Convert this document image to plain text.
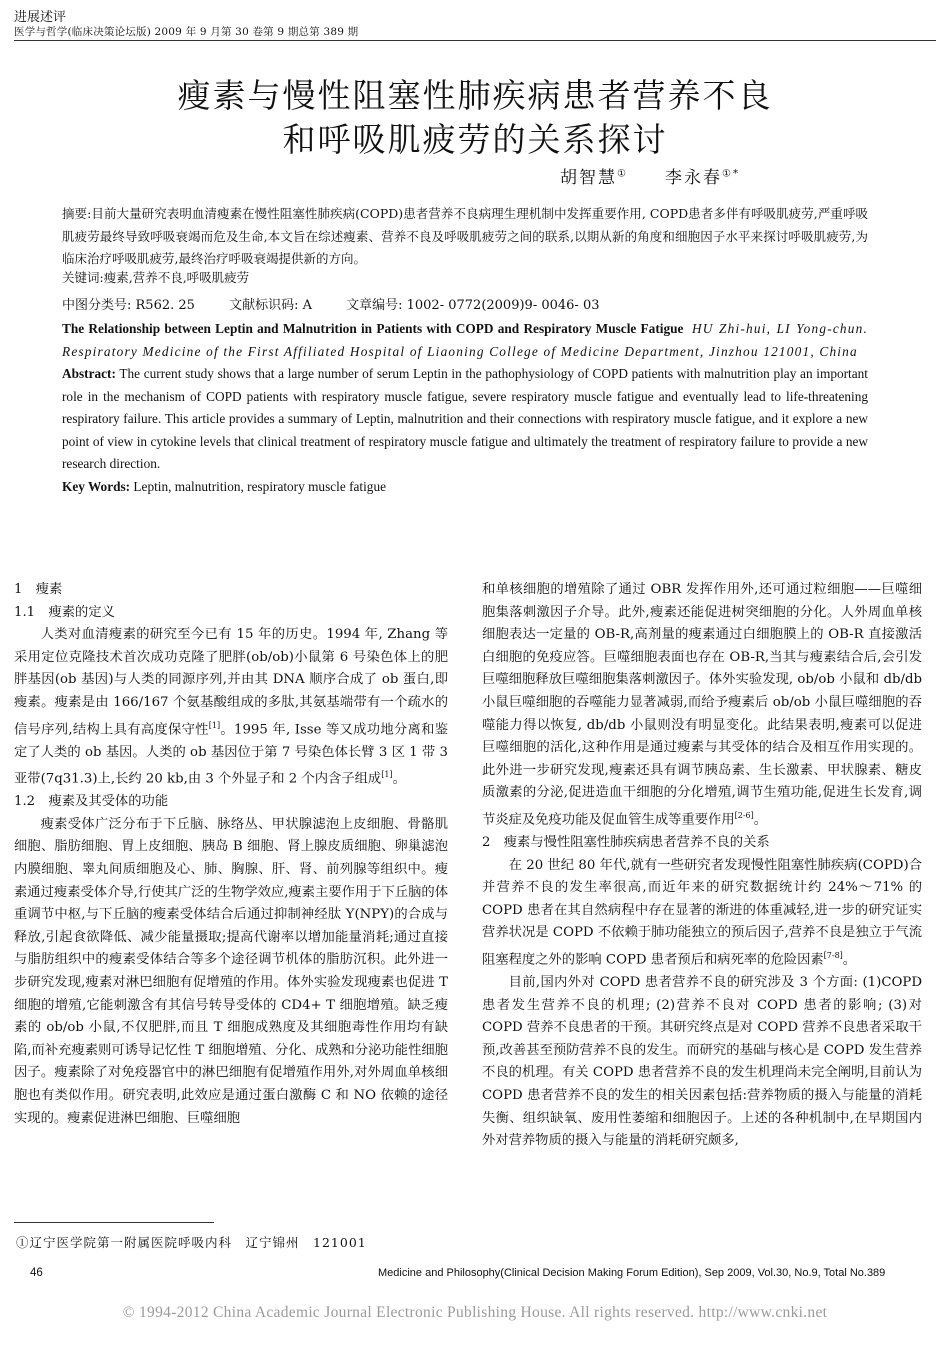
进展述评
医学与哲学(临床决策论坛版) 2009 年 9 月第 30 卷第 9 期总第 389 期
瘦素与慢性阻塞性肺疾病患者营养不良
和呼吸肌疲劳的关系探讨
胡智慧① 李永春①*
摘要:目前大量研究表明血清瘦素在慢性阻塞性肺疾病(COPD)患者营养不良病理生理机制中发挥重要作用, COPD患者多伴有呼吸肌疲劳,严重呼吸肌疲劳最终导致呼吸衰竭而危及生命,本文旨在综述瘦素、营养不良及呼吸肌疲劳之间的联系,以期从新的角度和细胞因子水平来探讨呼吸肌疲劳,为临床治疗呼吸肌疲劳,最终治疗呼吸衰竭提供新的方向。
关键词:瘦素,营养不良,呼吸肌疲劳
中图分类号: R562. 25	文献标识码: A	文章编号: 1002- 0772(2009)9- 0046- 03
The Relationship between Leptin and Malnutrition in Patients with COPD and Respiratory Muscle Fatigue HU Zhi-hui, LI Yong-chun. Respiratory Medicine of the First Affiliated Hospital of Liaoning College of Medicine Department, Jinzhou 121001, China
Abstract: The current study shows that a large number of serum Leptin in the pathophysiology of COPD patients with malnutrition play an important role in the mechanism of COPD patients with respiratory muscle fatigue, severe respiratory muscle fatigue and eventually lead to life-threatening respiratory failure. This article provides a summary of Leptin, malnutrition and their connections with respiratory muscle fatigue, and it explore a new point of view in cytokine levels that clinical treatment of respiratory muscle fatigue and ultimately the treatment of respiratory failure to provide a new research direction.
Key Words: Leptin, malnutrition, respiratory muscle fatigue

1　瘦素

1.1　瘦素的定义

人类对血清瘦素的研究至今已有 15 年的历史。1994 年, Zhang 等采用定位克隆技术首次成功克隆了肥胖(ob/ob)小鼠第 6 号染色体上的肥胖基因(ob 基因)与人类的同源序列,并由其 DNA 顺序合成了 ob 蛋白,即瘦素。瘦素是由 166/167 个氨基酸组成的多肽,其氨基端带有一个疏水的信号序列,结构上具有高度保守性[1]。1995 年, Isse 等又成功地分离和鉴定了人类的 ob 基因。人类的 ob 基因位于第 7 号染色体长臂 3 区 1 带 3 亚带(7q31.3)上,长约 20 kb,由 3 个外显子和 2 个内含子组成[1]。

1.2　瘦素及其受体的功能

瘦素受体广泛分布于下丘脑、脉络丛、甲状腺滤泡上皮细胞、骨骼肌细胞、脂肪细胞、胃上皮细胞、胰岛 B 细胞、肾上腺皮质细胞、卵巢滤泡内膜细胞、睾丸间质细胞及心、肺、胸腺、肝、肾、前列腺等组织中。瘦素通过瘦素受体介导,行使其广泛的生物学效应,瘦素主要作用于下丘脑的体重调节中枢,与下丘脑的瘦素受体结合后通过抑制神经肽 Y(NPY)的合成与释放,引起食欲降低、减少能量摄取;提高代谢率以增加能量消耗;通过直接与脂肪组织中的瘦素受体结合等多个途径调节机体的脂肪沉积。此外进一步研究发现,瘦素对淋巴细胞有促增殖的作用。体外实验发现瘦素也促进 T 细胞的增殖,它能刺激含有其信号转导受体的 CD4+ T 细胞增殖。缺乏瘦素的 ob/ob 小鼠,不仅肥胖,而且 T 细胞成熟度及其细胞毒性作用均有缺陷,而补充瘦素则可诱导记忆性 T 细胞增殖、分化、成熟和分泌功能性细胞因子。瘦素除了对免疫器官中的淋巴细胞有促增殖作用外,对外周血单核细胞也有类似作用。研究表明,此效应是通过蛋白激酶 C 和 NO 依赖的途径实现的。瘦素促进淋巴细胞、巨噬细胞

和单核细胞的增殖除了通过 OBR 发挥作用外,还可通过粒细胞——巨噬细胞集落刺激因子介导。此外,瘦素还能促进树突细胞的分化。人外周血单核细胞表达一定量的 OB-R,高剂量的瘦素通过白细胞膜上的 OB-R 直接激活白细胞的免疫应答。巨噬细胞表面也存在 OB-R,当其与瘦素结合后,会引发巨噬细胞释放巨噬细胞集落刺激因子。体外实验发现, ob/ob 小鼠和 db/db 小鼠巨噬细胞的吞噬能力显著减弱,而给予瘦素后 ob/ob 小鼠巨噬细胞的吞噬能力得以恢复, db/db 小鼠则没有明显变化。此结果表明,瘦素可以促进巨噬细胞的活化,这种作用是通过瘦素与其受体的结合及相互作用实现的。此外进一步研究发现,瘦素还具有调节胰岛素、生长激素、甲状腺素、糖皮质激素的分泌,促进造血干细胞的分化增殖,调节生殖功能,促进生长发育,调节炎症及免疫功能及促血管生成等重要作用[2-6]。

2　瘦素与慢性阻塞性肺疾病患者营养不良的关系

在 20 世纪 80 年代,就有一些研究者发现慢性阻塞性肺疾病(COPD)合并营养不良的发生率很高,而近年来的研究数据统计约 24%～71% 的 COPD 患者在其自然病程中存在显著的渐进的体重减轻,进一步的研究证实营养状况是 COPD 不依赖于肺功能独立的预后因子,营养不良是独立于气流阻塞程度之外的影响 COPD 患者预后和病死率的危险因素[7-8]。

目前,国内外对 COPD 患者营养不良的研究涉及 3 个方面: (1)COPD 患者发生营养不良的机理; (2)营养不良对 COPD 患者的影响; (3)对 COPD 营养不良患者的干预。其研究终点是对 COPD 营养不良患者采取干预,改善甚至预防营养不良的发生。而研究的基础与核心是 COPD 发生营养不良的机理。有关 COPD 患者营养不良的发生机理尚未完全阐明,目前认为 COPD 患者营养不良的发生的相关因素包括:营养物质的摄入与能量的消耗失衡、组织缺氧、废用性萎缩和细胞因子。上述的各种机制中,在早期国内外对营养物质的摄入与能量的消耗研究颇多,

①辽宁医学院第一附属医院呼吸内科　辽宁锦州　121001
46	Medicine and Philosophy(Clinical Decision Making Forum Edition), Sep 2009, Vol.30, No.9, Total No.389
© 1994-2012 China Academic Journal Electronic Publishing House. All rights reserved. http://www.cnki.net
